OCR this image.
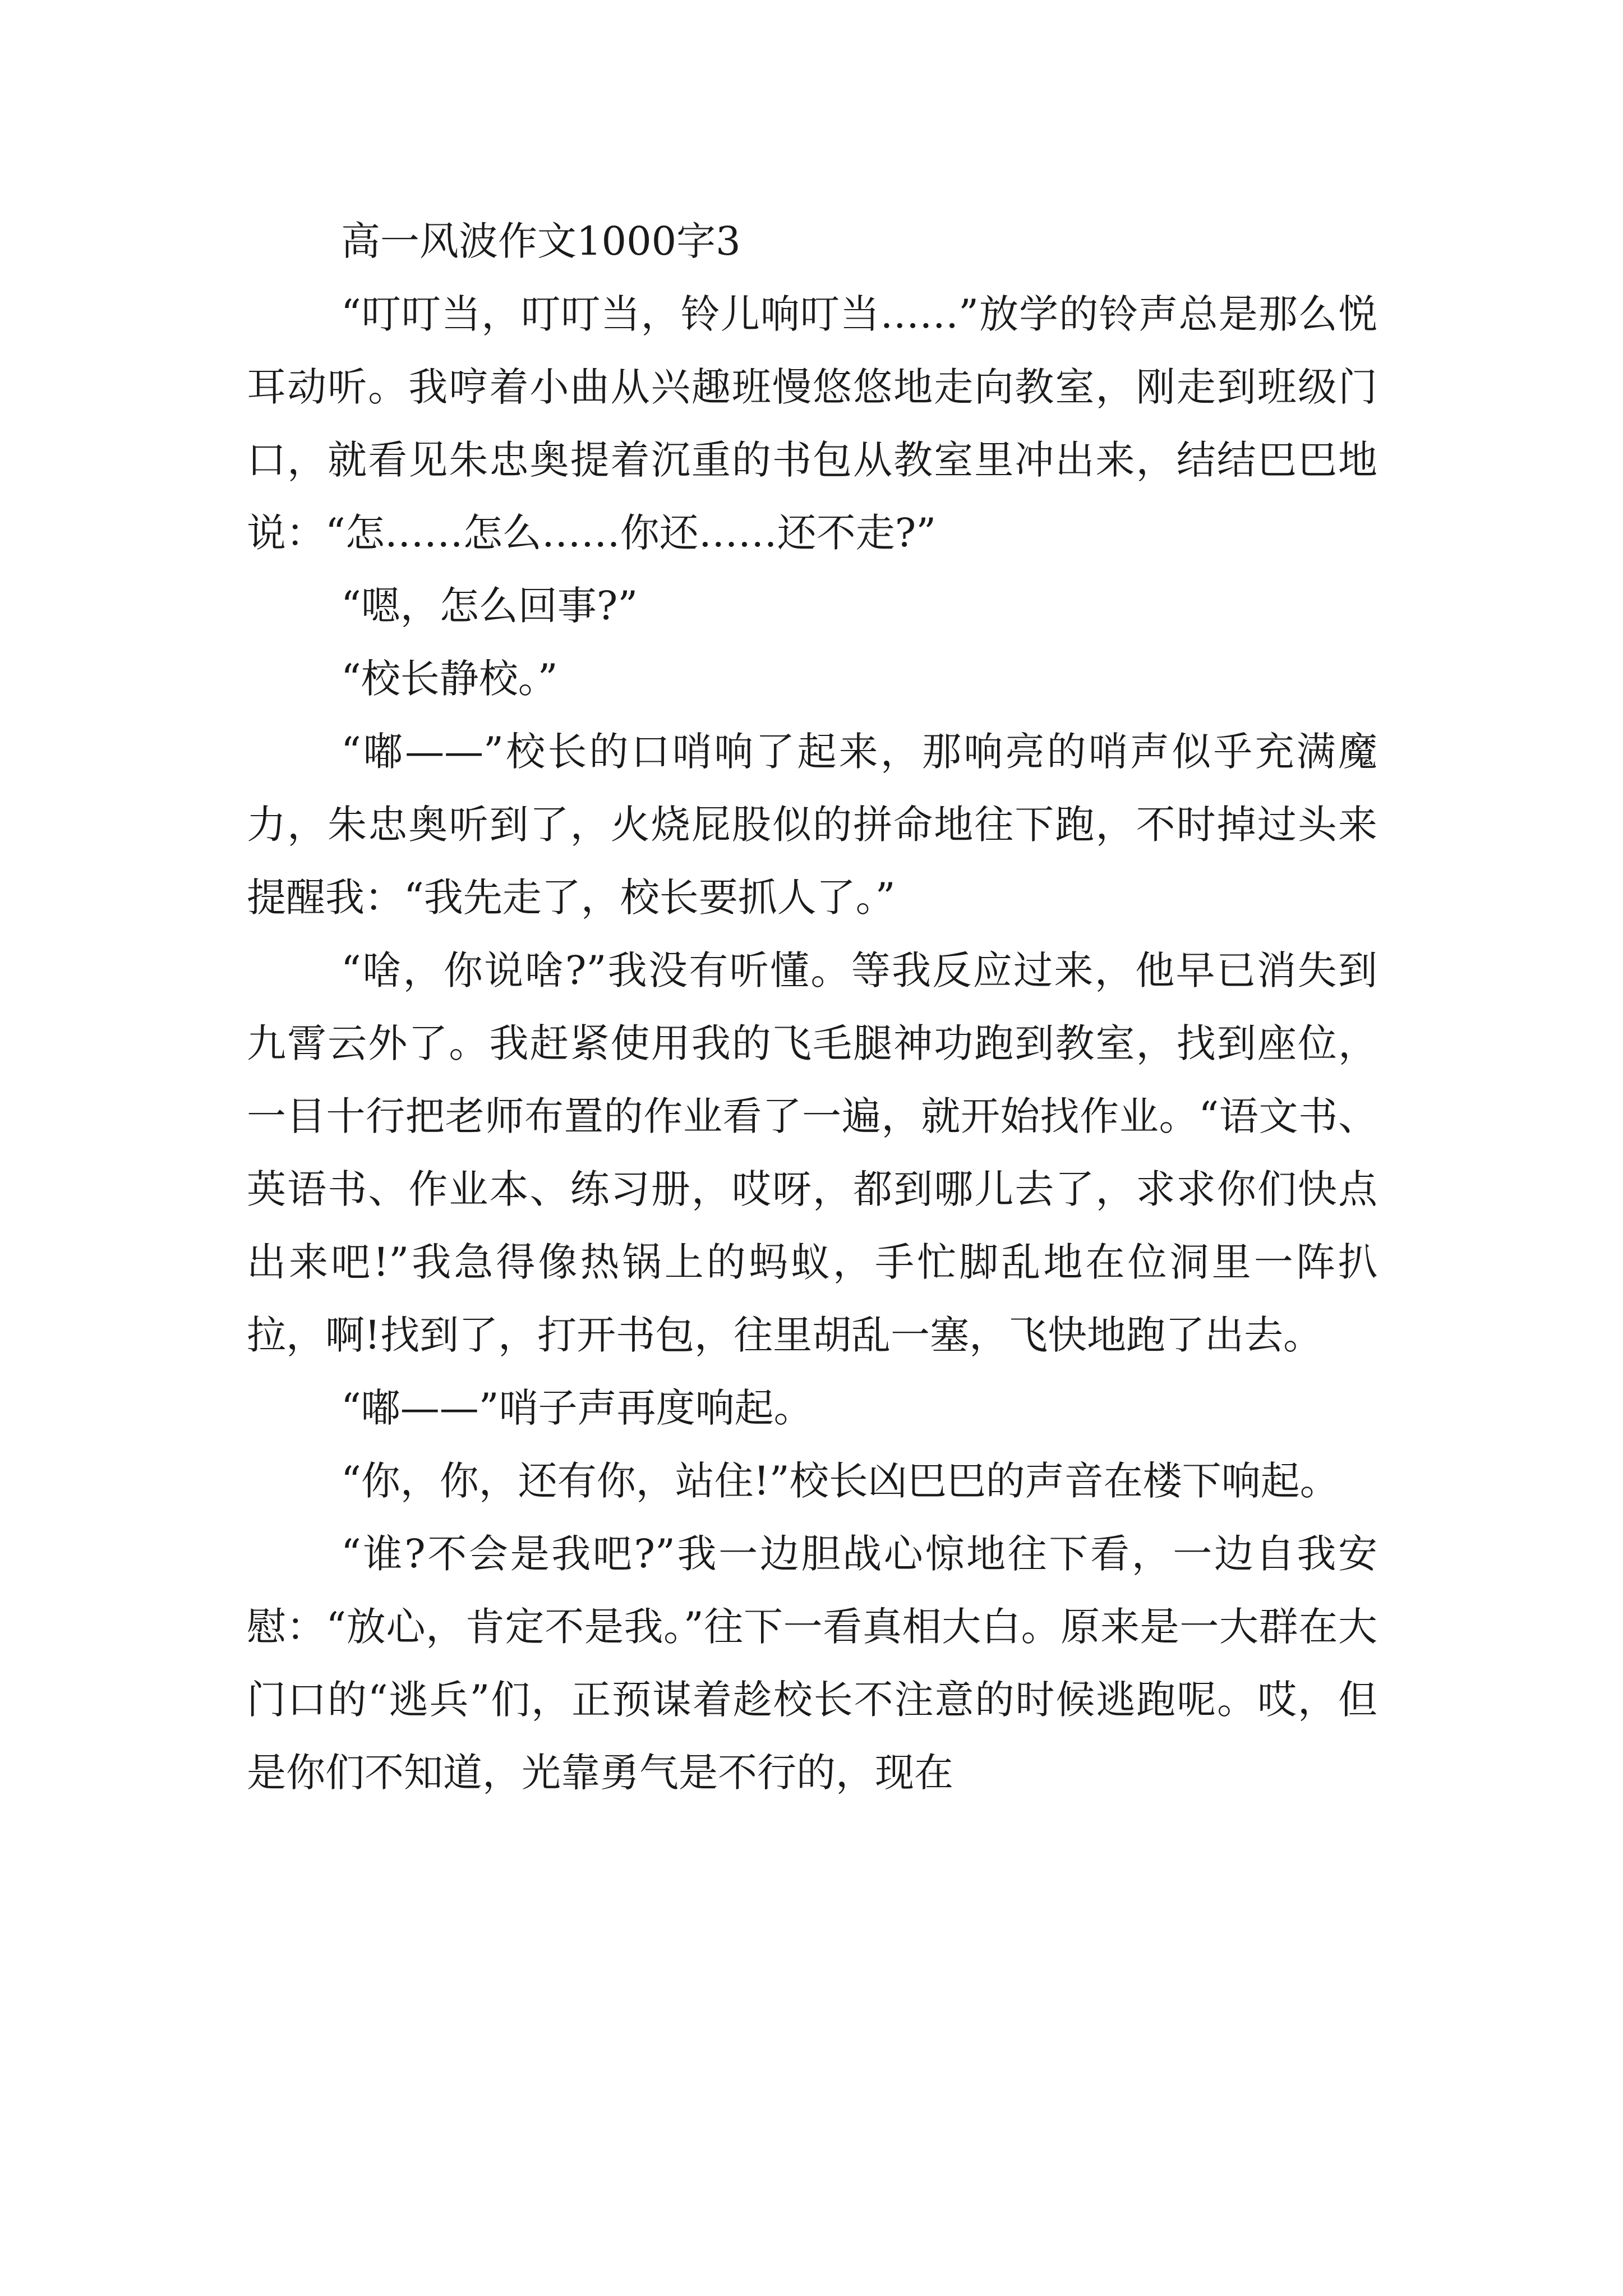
高一风波作文1000字3

“叮叮当，叮叮当，铃儿响叮当……”放学的铃声总是那么悦耳动听。我哼着小曲从兴趣班慢悠悠地走向教室，刚走到班级门口，就看见朱忠奥提着沉重的书包从教室里冲出来，结结巴巴地说：“怎……怎么……你还……还不走?”

“嗯，怎么回事?”

“校长静校。”

“嘟——”校长的口哨响了起来，那响亮的哨声似乎充满魔力，朱忠奥听到了，火烧屁股似的拼命地往下跑，不时掉过头来提醒我：“我先走了，校长要抓人了。”

“啥，你说啥?”我没有听懂。等我反应过来，他早已消失到九霄云外了。我赶紧使用我的飞毛腿神功跑到教室，找到座位，一目十行把老师布置的作业看了一遍，就开始找作业。“语文书、英语书、作业本、练习册，哎呀，都到哪儿去了，求求你们快点出来吧!”我急得像热锅上的蚂蚁，手忙脚乱地在位洞里一阵扒拉，啊!找到了，打开书包，往里胡乱一塞，飞快地跑了出去。

“嘟——”哨子声再度响起。

“你，你，还有你，站住!”校长凶巴巴的声音在楼下响起。

“谁?不会是我吧?”我一边胆战心惊地往下看，一边自我安慰：“放心，肯定不是我。”往下一看真相大白。原来是一大群在大门口的“逃兵”们，正预谋着趁校长不注意的时候逃跑呢。哎，但是你们不知道，光靠勇气是不行的，现在
